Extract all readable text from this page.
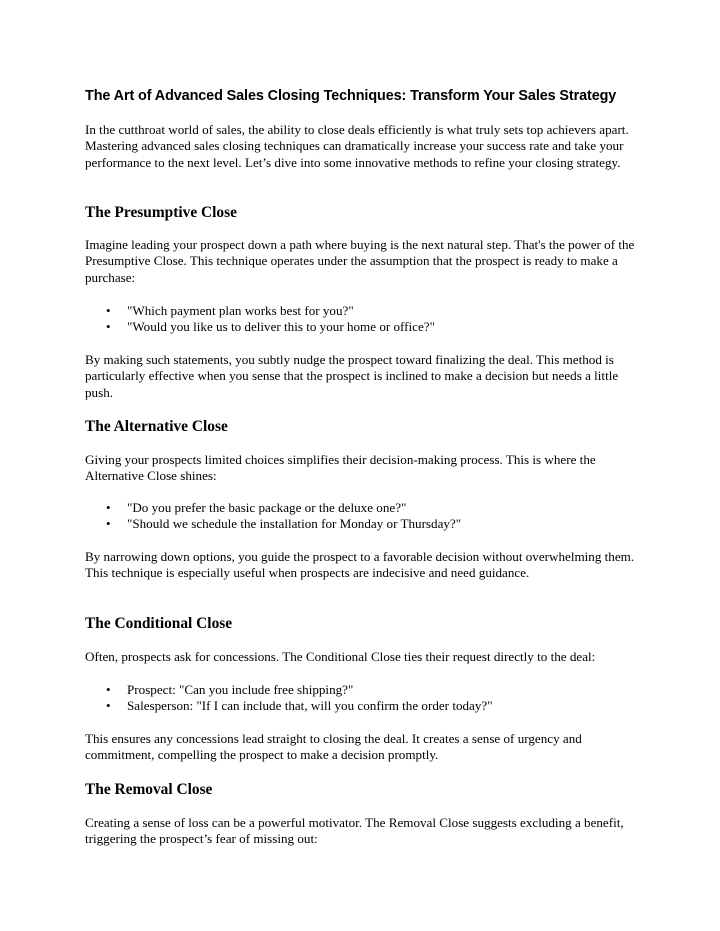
The Art of Advanced Sales Closing Techniques: Transform Your Sales Strategy

In the cutthroat world of sales, the ability to close deals efficiently is what truly sets top achievers apart. Mastering advanced sales closing techniques can dramatically increase your success rate and take your performance to the next level. Let’s dive into some innovative methods to refine your closing strategy.

The Presumptive Close

Imagine leading your prospect down a path where buying is the next natural step. That's the power of the Presumptive Close. This technique operates under the assumption that the prospect is ready to make a purchase:

• "Which payment plan works best for you?"
• "Would you like us to deliver this to your home or office?"

By making such statements, you subtly nudge the prospect toward finalizing the deal. This method is particularly effective when you sense that the prospect is inclined to make a decision but needs a little push.

The Alternative Close

Giving your prospects limited choices simplifies their decision-making process. This is where the Alternative Close shines:

• "Do you prefer the basic package or the deluxe one?"
• "Should we schedule the installation for Monday or Thursday?"

By narrowing down options, you guide the prospect to a favorable decision without overwhelming them. This technique is especially useful when prospects are indecisive and need guidance.

The Conditional Close

Often, prospects ask for concessions. The Conditional Close ties their request directly to the deal:

• Prospect: "Can you include free shipping?"
• Salesperson: "If I can include that, will you confirm the order today?"

This ensures any concessions lead straight to closing the deal. It creates a sense of urgency and commitment, compelling the prospect to make a decision promptly.

The Removal Close

Creating a sense of loss can be a powerful motivator. The Removal Close suggests excluding a benefit, triggering the prospect’s fear of missing out:
